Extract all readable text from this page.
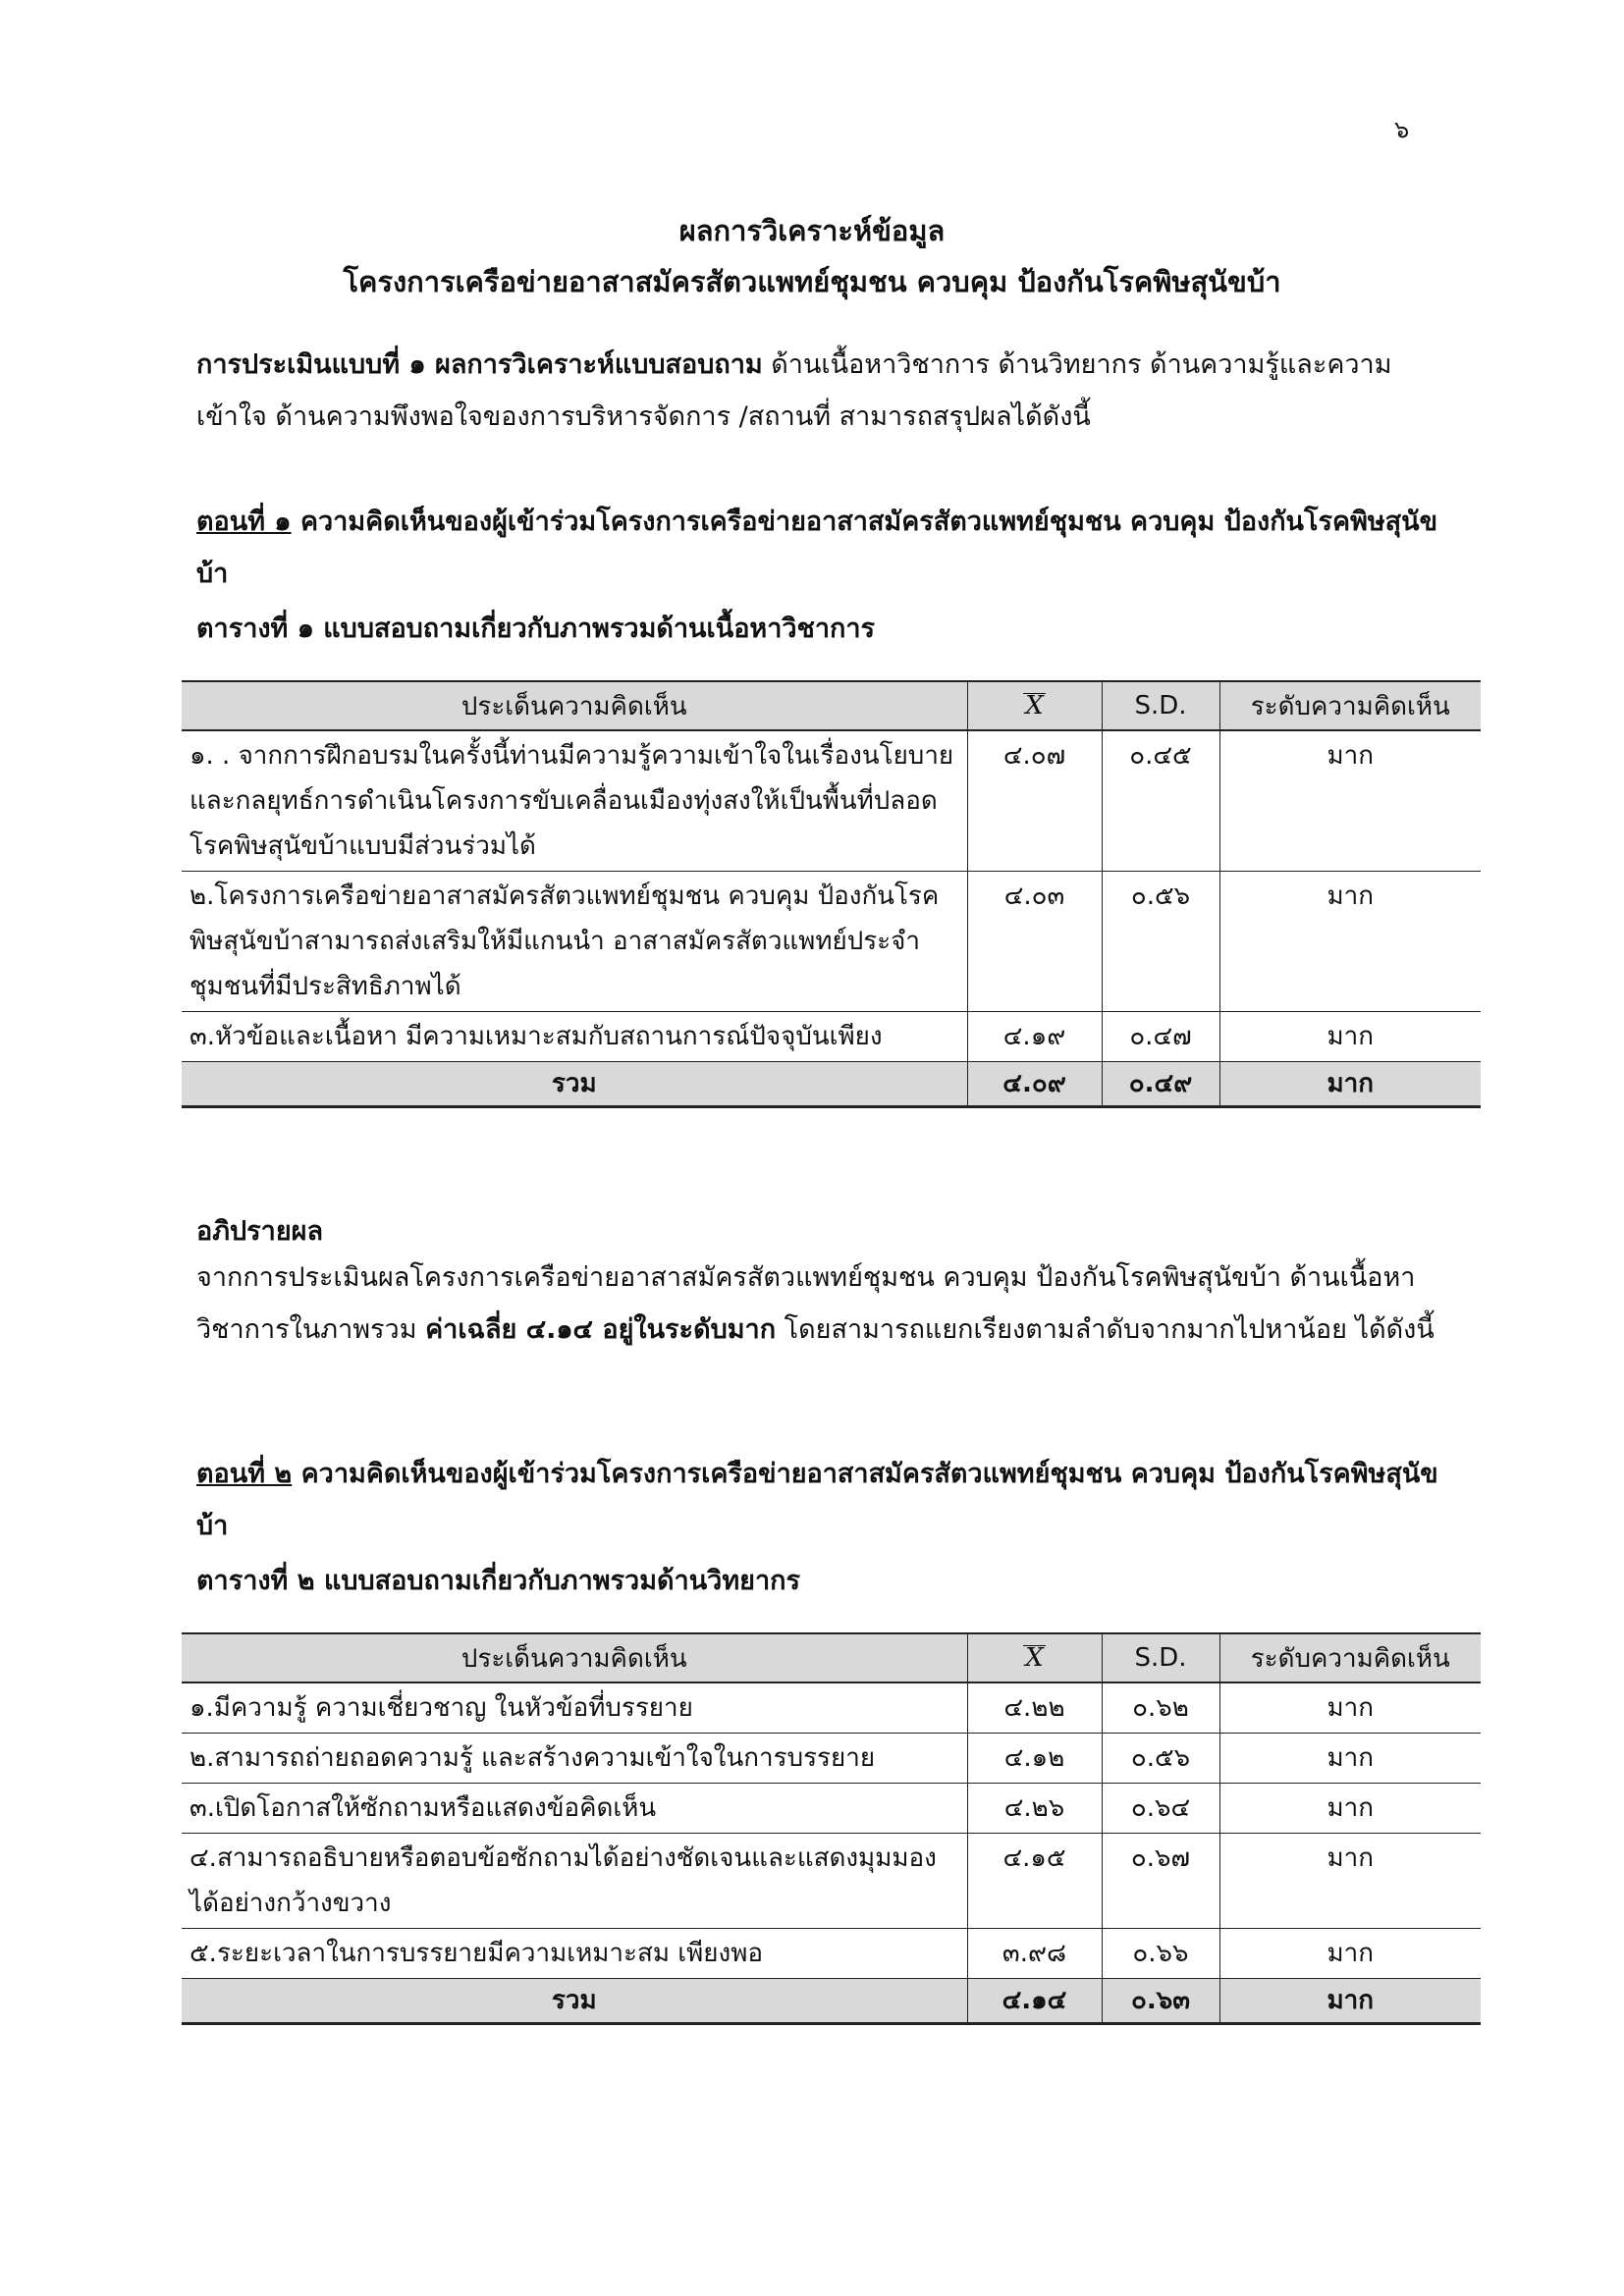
๖
ผลการวิเคราะห์ข้อมูล
โครงการเครือข่ายอาสาสมัครสัตวแพทย์ชุมชน ควบคุม ป้องกันโรคพิษสุนัขบ้า
การประเมินแบบที่ ๑ ผลการวิเคราะห์แบบสอบถาม ด้านเนื้อหาวิชาการ ด้านวิทยากร ด้านความรู้และความเข้าใจ ด้านความพึงพอใจของการบริหารจัดการ /สถานที่ สามารถสรุปผลได้ดังนี้
ตอนที่ ๑ ความคิดเห็นของผู้เข้าร่วมโครงการเครือข่ายอาสาสมัครสัตวแพทย์ชุมชน ควบคุม ป้องกันโรคพิษสุนัขบ้า
ตารางที่ ๑ แบบสอบถามเกี่ยวกับภาพรวมด้านเนื้อหาวิชาการ
ประเด็นความคิดเห็น	X	S.D.	ระดับความคิดเห็น
๑. . จากการฝึกอบรมในครั้งนี้ท่านมีความรู้ความเข้าใจในเรื่องนโยบายและกลยุทธ์การดำเนินโครงการขับเคลื่อนเมืองทุ่งสงให้เป็นพื้นที่ปลอดโรคพิษสุนัขบ้าแบบมีส่วนร่วมได้	๔.๐๗	๐.๔๕	มาก
๒.โครงการเครือข่ายอาสาสมัครสัตวแพทย์ชุมชน ควบคุม ป้องกันโรคพิษสุนัขบ้าสามารถส่งเสริมให้มีแกนนำ อาสาสมัครสัตวแพทย์ประจำชุมชนที่มีประสิทธิภาพได้	๔.๐๓	๐.๕๖	มาก
๓.หัวข้อและเนื้อหา มีความเหมาะสมกับสถานการณ์ปัจจุบันเพียง	๔.๑๙	๐.๔๗	มาก
รวม	๔.๐๙	๐.๔๙	มาก
อภิปรายผล
จากการประเมินผลโครงการเครือข่ายอาสาสมัครสัตวแพทย์ชุมชน ควบคุม ป้องกันโรคพิษสุนัขบ้า ด้านเนื้อหาวิชาการในภาพรวม ค่าเฉลี่ย ๔.๑๔ อยู่ในระดับมาก โดยสามารถแยกเรียงตามลำดับจากมากไปหาน้อย ได้ดังนี้
ตอนที่ ๒ ความคิดเห็นของผู้เข้าร่วมโครงการเครือข่ายอาสาสมัครสัตวแพทย์ชุมชน ควบคุม ป้องกันโรคพิษสุนัขบ้า
ตารางที่ ๒ แบบสอบถามเกี่ยวกับภาพรวมด้านวิทยากร
ประเด็นความคิดเห็น	X	S.D.	ระดับความคิดเห็น
๑.มีความรู้ ความเชี่ยวชาญ ในหัวข้อที่บรรยาย	๔.๒๒	๐.๖๒	มาก
๒.สามารถถ่ายถอดความรู้ และสร้างความเข้าใจในการบรรยาย	๔.๑๒	๐.๕๖	มาก
๓.เปิดโอกาสให้ซักถามหรือแสดงข้อคิดเห็น	๔.๒๖	๐.๖๔	มาก
๔.สามารถอธิบายหรือตอบข้อซักถามได้อย่างชัดเจนและแสดงมุมมองได้อย่างกว้างขวาง	๔.๑๕	๐.๖๗	มาก
๕.ระยะเวลาในการบรรยายมีความเหมาะสม เพียงพอ	๓.๙๘	๐.๖๖	มาก
รวม	๔.๑๔	๐.๖๓	มาก
